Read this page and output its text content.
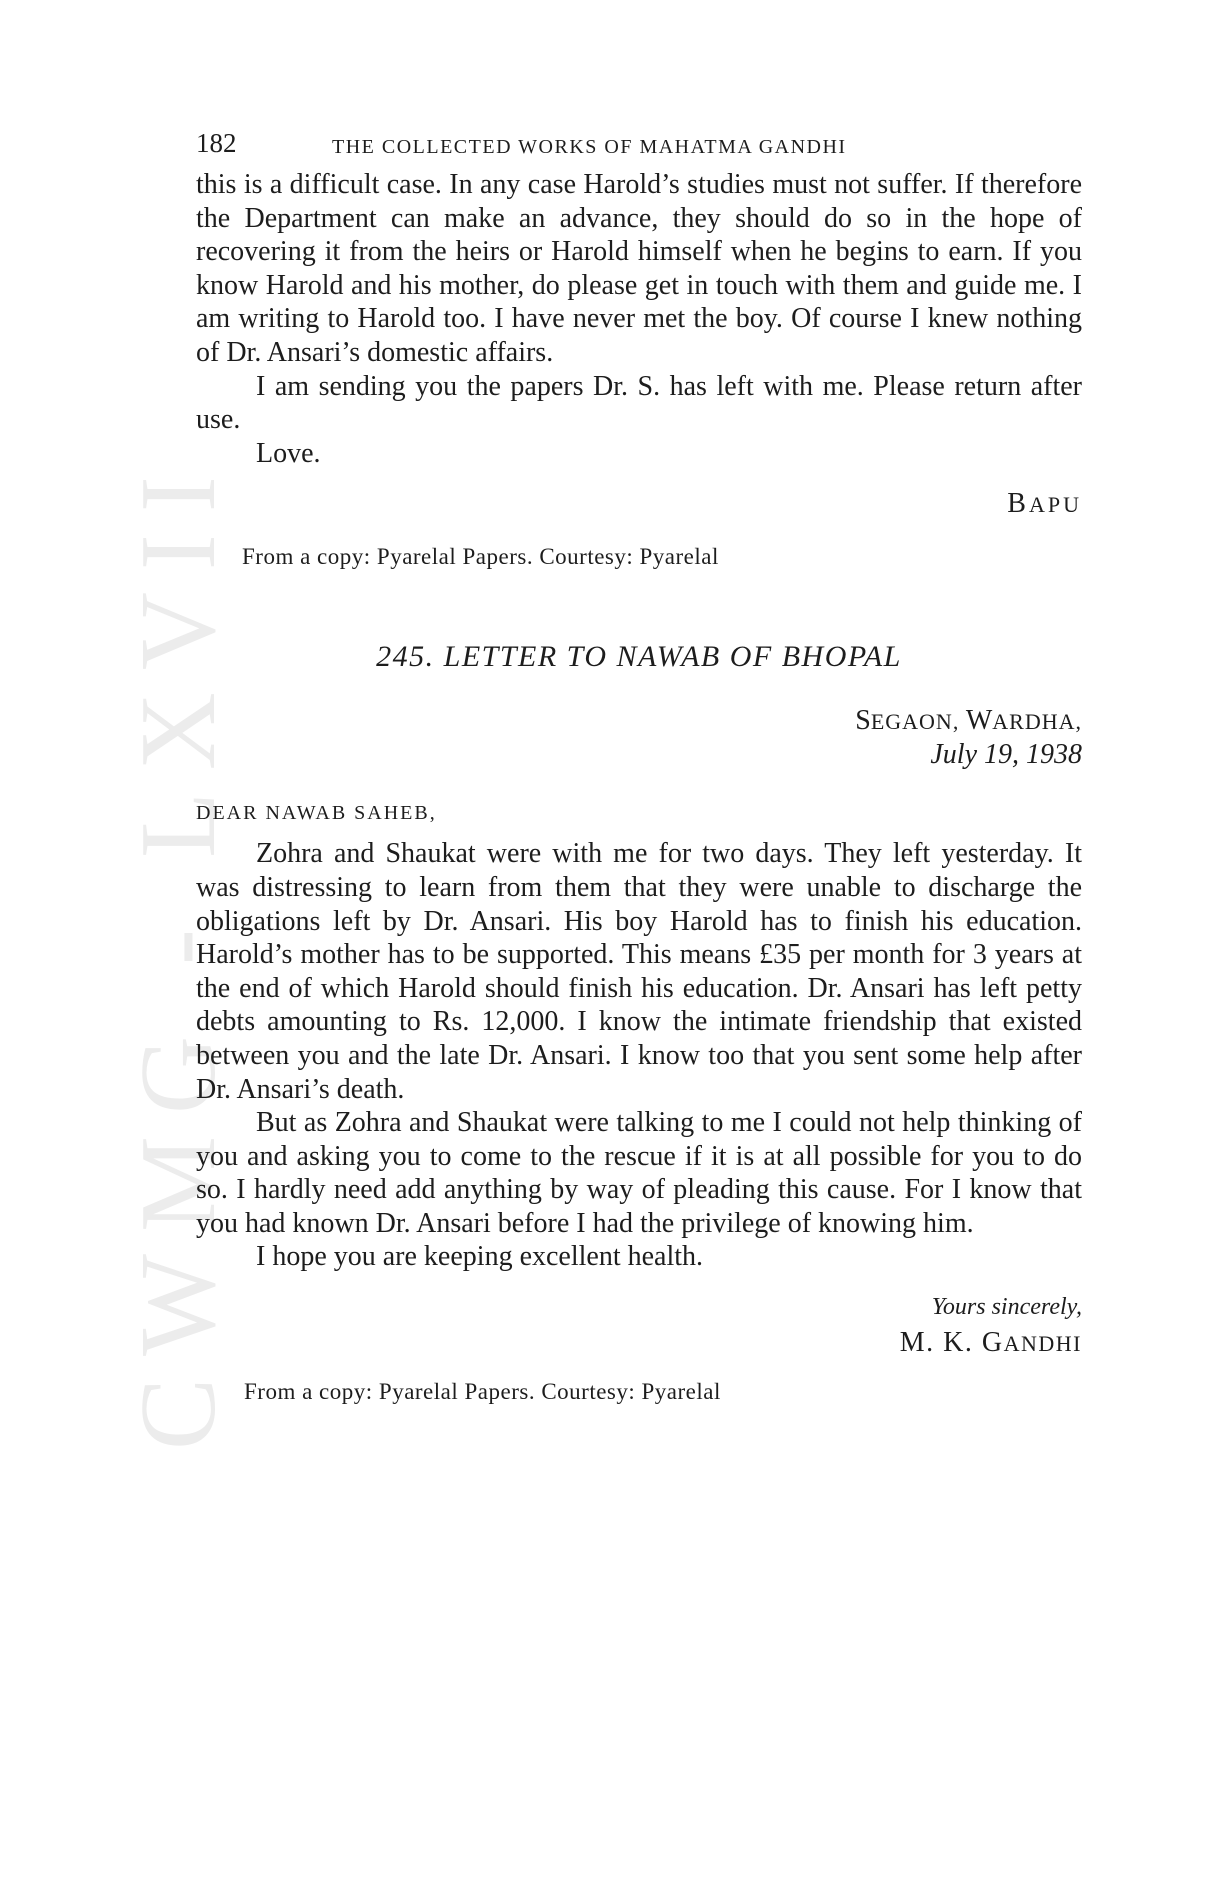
CWMG - LXVII
182	THE COLLECTED WORKS OF MAHATMA GANDHI

this is a difficult case. In any case Harold’s studies must not suffer. If therefore the Department can make an advance, they should do so in the hope of recovering it from the heirs or Harold himself when he begins to earn. If you know Harold and his mother, do please get in touch with them and guide me. I am writing to Harold too. I have never met the boy. Of course I knew nothing of Dr. Ansari’s domestic affairs.

I am sending you the papers Dr. S. has left with me. Please return after use.

Love.

BAPU
From a copy: Pyarelal Papers. Courtesy: Pyarelal
245. LETTER TO NAWAB OF BHOPAL
SEGAON, WARDHA,
July 19, 1938
DEAR NAWAB SAHEB,

Zohra and Shaukat were with me for two days. They left yesterday. It was distressing to learn from them that they were unable to discharge the obligations left by Dr. Ansari. His boy Harold has to finish his education. Harold’s mother has to be supported. This means £35 per month for 3 years at the end of which Harold should finish his education. Dr. Ansari has left petty debts amounting to Rs. 12,000. I know the intimate friendship that existed between you and the late Dr. Ansari. I know too that you sent some help after Dr. Ansari’s death.

But as Zohra and Shaukat were talking to me I could not help thinking of you and asking you to come to the rescue if it is at all possible for you to do so. I hardly need add anything by way of pleading this cause. For I know that you had known Dr. Ansari before I had the privilege of knowing him.

I hope you are keeping excellent health.

Yours sincerely,
M. K. GANDHI
From a copy: Pyarelal Papers. Courtesy: Pyarelal
